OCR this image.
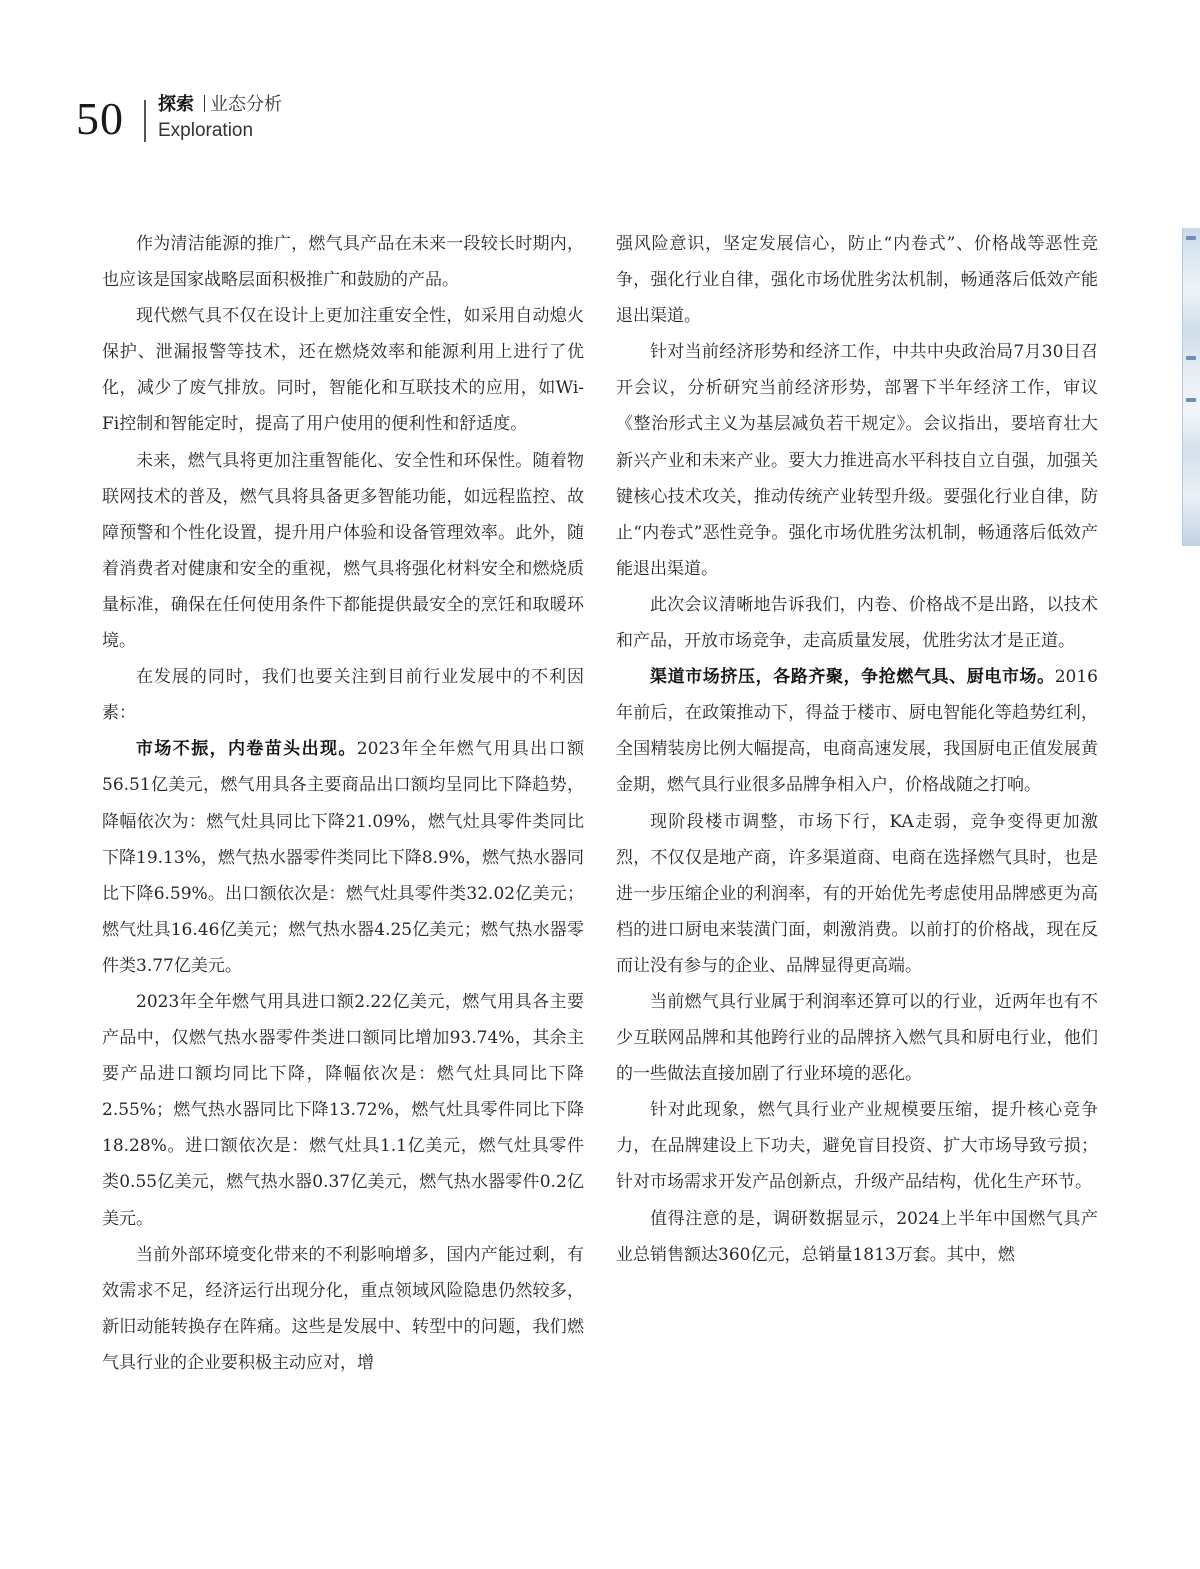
50 探索 业态分析
Exploration

作为清洁能源的推广，燃气具产品在未来一段较长时期内，也应该是国家战略层面积极推广和鼓励的产品。

现代燃气具不仅在设计上更加注重安全性，如采用自动熄火保护、泄漏报警等技术，还在燃烧效率和能源利用上进行了优化，减少了废气排放。同时，智能化和互联技术的应用，如Wi-Fi控制和智能定时，提高了用户使用的便利性和舒适度。

未来，燃气具将更加注重智能化、安全性和环保性。随着物联网技术的普及，燃气具将具备更多智能功能，如远程监控、故障预警和个性化设置，提升用户体验和设备管理效率。此外，随着消费者对健康和安全的重视，燃气具将强化材料安全和燃烧质量标准，确保在任何使用条件下都能提供最安全的烹饪和取暖环境。

在发展的同时，我们也要关注到目前行业发展中的不利因素：

市场不振，内卷苗头出现。2023年全年燃气用具出口额56.51亿美元，燃气用具各主要商品出口额均呈同比下降趋势，降幅依次为：燃气灶具同比下降21.09%，燃气灶具零件类同比下降19.13%，燃气热水器零件类同比下降8.9%，燃气热水器同比下降6.59%。出口额依次是：燃气灶具零件类32.02亿美元；燃气灶具16.46亿美元；燃气热水器4.25亿美元；燃气热水器零件类3.77亿美元。

2023年全年燃气用具进口额2.22亿美元，燃气用具各主要产品中，仅燃气热水器零件类进口额同比增加93.74%，其余主要产品进口额均同比下降，降幅依次是：燃气灶具同比下降2.55%；燃气热水器同比下降13.72%，燃气灶具零件同比下降18.28%。进口额依次是：燃气灶具1.1亿美元，燃气灶具零件类0.55亿美元，燃气热水器0.37亿美元，燃气热水器零件0.2亿美元。

当前外部环境变化带来的不利影响增多，国内产能过剩，有效需求不足，经济运行出现分化，重点领域风险隐患仍然较多，新旧动能转换存在阵痛。这些是发展中、转型中的问题，我们燃气具行业的企业要积极主动应对，增

强风险意识，坚定发展信心，防止“内卷式”、价格战等恶性竞争，强化行业自律，强化市场优胜劣汰机制，畅通落后低效产能退出渠道。

针对当前经济形势和经济工作，中共中央政治局7月30日召开会议，分析研究当前经济形势，部署下半年经济工作，审议《整治形式主义为基层减负若干规定》。会议指出，要培育壮大新兴产业和未来产业。要大力推进高水平科技自立自强，加强关键核心技术攻关，推动传统产业转型升级。要强化行业自律，防止“内卷式”恶性竞争。强化市场优胜劣汰机制，畅通落后低效产能退出渠道。

此次会议清晰地告诉我们，内卷、价格战不是出路，以技术和产品，开放市场竞争，走高质量发展，优胜劣汰才是正道。

渠道市场挤压，各路齐聚，争抢燃气具、厨电市场。2016年前后，在政策推动下，得益于楼市、厨电智能化等趋势红利，全国精装房比例大幅提高，电商高速发展，我国厨电正值发展黄金期，燃气具行业很多品牌争相入户，价格战随之打响。

现阶段楼市调整，市场下行，KA走弱，竞争变得更加激烈，不仅仅是地产商，许多渠道商、电商在选择燃气具时，也是进一步压缩企业的利润率，有的开始优先考虑使用品牌感更为高档的进口厨电来装潢门面，刺激消费。以前打的价格战，现在反而让没有参与的企业、品牌显得更高端。

当前燃气具行业属于利润率还算可以的行业，近两年也有不少互联网品牌和其他跨行业的品牌挤入燃气具和厨电行业，他们的一些做法直接加剧了行业环境的恶化。

针对此现象，燃气具行业产业规模要压缩，提升核心竞争力，在品牌建设上下功夫，避免盲目投资、扩大市场导致亏损；针对市场需求开发产品创新点，升级产品结构，优化生产环节。

值得注意的是，调研数据显示，2024上半年中国燃气具产业总销售额达360亿元，总销量1813万套。其中，燃
